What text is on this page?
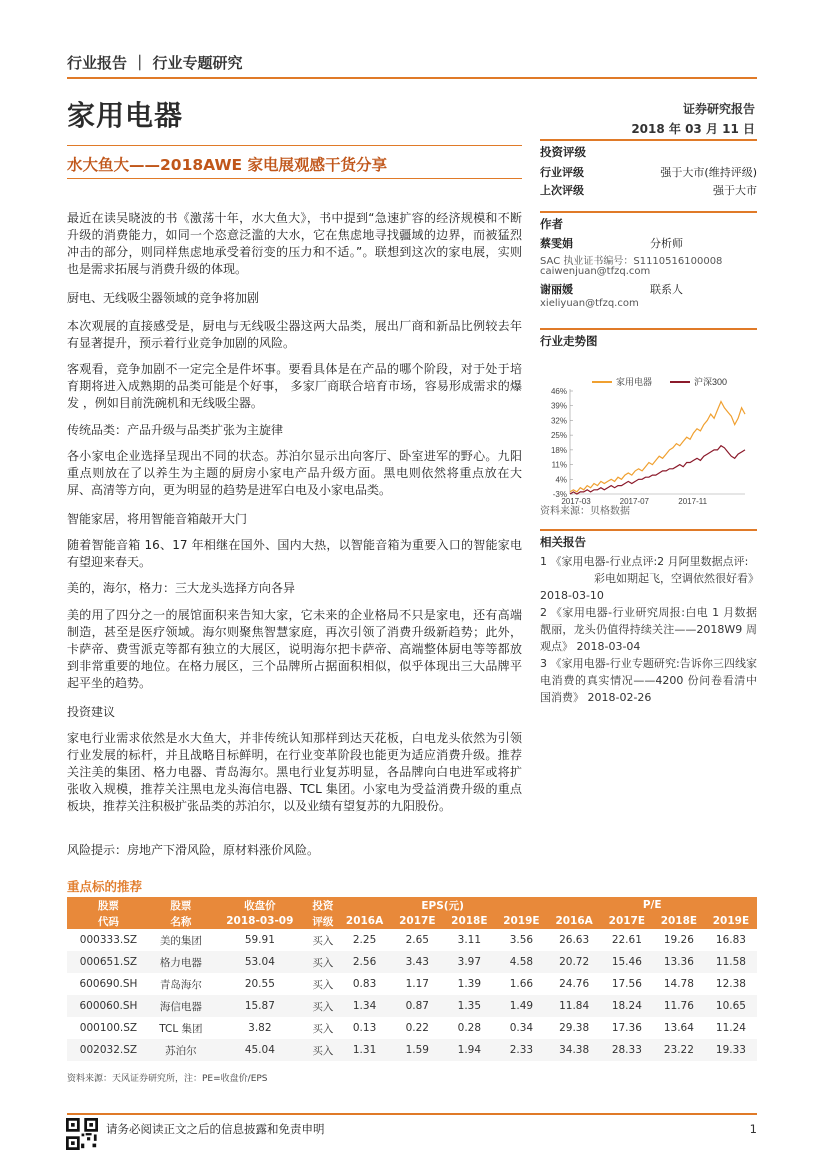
行业报告 ｜ 行业专题研究
家用电器	证券研究报告
2018 年 03 月 11 日
水大鱼大——2018AWE 家电展观感干货分享

最近在读吴晓波的书《激荡十年，水大鱼大》，书中提到“急速扩容的经济规模和不断升级的消费能力，如同一个恣意泛滥的大水，它在焦虑地寻找疆域的边界，而被猛烈冲击的部分，则同样焦虑地承受着衍变的压力和不适。”。联想到这次的家电展，实则也是需求拓展与消费升级的体现。

厨电、无线吸尘器领域的竞争将加剧

本次观展的直接感受是，厨电与无线吸尘器这两大品类，展出厂商和新品比例较去年有显著提升，预示着行业竞争加剧的风险。

客观看，竞争加剧不一定完全是件坏事。要看具体是在产品的哪个阶段，对于处于培育期将进入成熟期的品类可能是个好事， 多家厂商联合培育市场，容易形成需求的爆发 ，例如目前洗碗机和无线吸尘器。

传统品类：产品升级与品类扩张为主旋律

各小家电企业选择呈现出不同的状态。苏泊尔显示出向客厅、卧室进军的野心。九阳重点则放在了以养生为主题的厨房小家电产品升级方面。黑电则依然将重点放在大屏、高清等方向，更为明显的趋势是进军白电及小家电品类。

智能家居，将用智能音箱敲开大门

随着智能音箱 16、17 年相继在国外、国内大热，以智能音箱为重要入口的智能家电有望迎来春天。

美的，海尔，格力：三大龙头选择方向各异

美的用了四分之一的展馆面积来告知大家，它未来的企业格局不只是家电，还有高端制造，甚至是医疗领域。海尔则聚焦智慧家庭，再次引领了消费升级新趋势；此外，卡萨帝、费雪派克等都有独立的大展区，说明海尔把卡萨帝、高端整体厨电等等都放到非常重要的地位。在格力展区，三个品牌所占据面积相似，似乎体现出三大品牌平起平坐的趋势。

投资建议

家电行业需求依然是水大鱼大，并非传统认知那样到达天花板，白电龙头依然为引领行业发展的标杆，并且战略目标鲜明，在行业变革阶段也能更为适应消费升级。推荐关注美的集团、格力电器、青岛海尔。黑电行业复苏明显，各品牌向白电进军或将扩张收入规模，推荐关注黑电龙头海信电器、TCL 集团。小家电为受益消费升级的重点板块，推荐关注积极扩张品类的苏泊尔，以及业绩有望复苏的九阳股份。

风险提示：房地产下滑风险，原材料涨价风险。
投资评级
行业评级	强于大市(维持评级)
上次评级	强于大市
作者
蔡雯娟	分析师
SAC 执业证书编号：S1110516100008
caiwenjuan@tfzq.com
谢丽媛	联系人
xieliyuan@tfzq.com
行业走势图
家用电器	沪深300
-3%
4%
11%
18%
25%
32%
39%
46%
2017-03	2017-07	2017-11
资料来源：贝格数据
相关报告

1 《家用电器-行业点评:2 月阿里数据点评:

彩电如期起飞，空调依然很好看》

2018-03-10

2 《家用电器-行业研究周报:白电 1 月数据靓丽，龙头仍值得持续关注——2018W9 周观点》 2018-03-04

3 《家用电器-行业专题研究:告诉你三四线家电消费的真实情况——4200 份问卷看清中国消费》 2018-02-26

重点标的推荐
股票	股票	收盘价	投资	EPS(元)				P/E			
代码	名称	2018-03-09	评级	2016A	2017E	2018E	2019E	2016A	2017E	2018E	2019E
000333.SZ	美的集团	59.91	买入	2.25	2.65	3.11	3.56	26.63	22.61	19.26	16.83
000651.SZ	格力电器	53.04	买入	2.56	3.43	3.97	4.58	20.72	15.46	13.36	11.58
600690.SH	青岛海尔	20.55	买入	0.83	1.17	1.39	1.66	24.76	17.56	14.78	12.38
600060.SH	海信电器	15.87	买入	1.34	0.87	1.35	1.49	11.84	18.24	11.76	10.65
000100.SZ	TCL 集团	3.82	买入	0.13	0.22	0.28	0.34	29.38	17.36	13.64	11.24
002032.SZ	苏泊尔	45.04	买入	1.31	1.59	1.94	2.33	34.38	28.33	23.22	19.33
资料来源：天风证券研究所，注：PE=收盘价/EPS
请务必阅读正文之后的信息披露和免责申明	1
